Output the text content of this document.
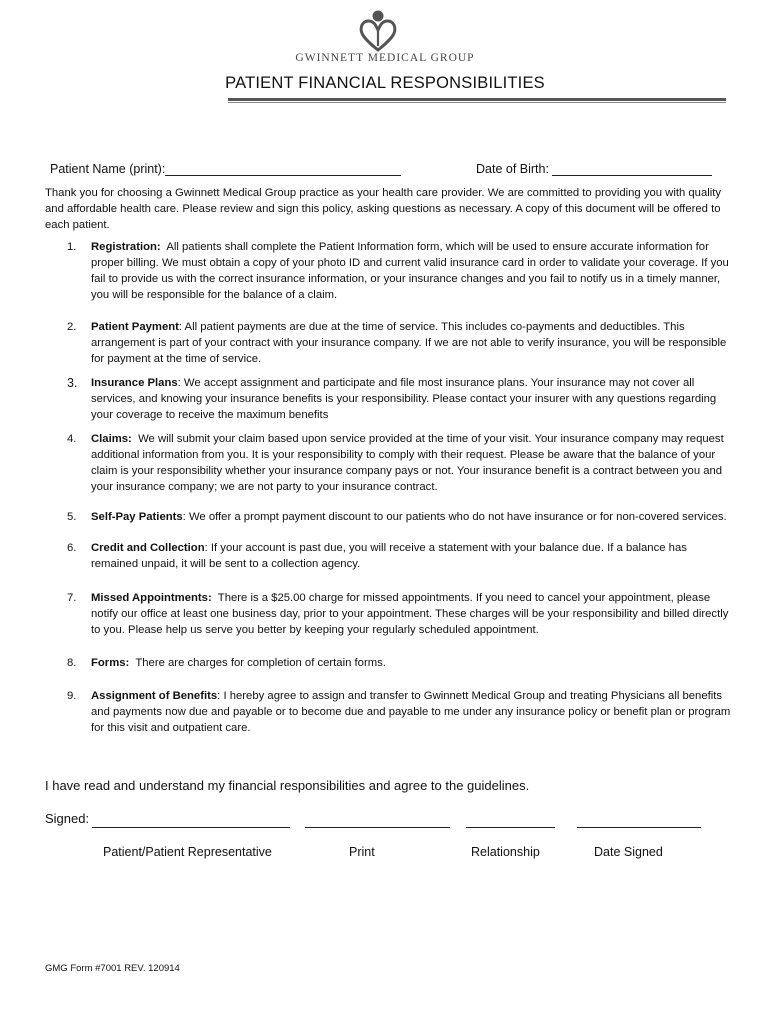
GWINNETT MEDICAL GROUP
PATIENT FINANCIAL RESPONSIBILITIES
Patient Name (print):	Date of Birth:
Thank you for choosing a Gwinnett Medical Group practice as your health care provider. We are committed to providing you with quality and affordable health care. Please review and sign this policy, asking questions as necessary. A copy of this document will be offered to each patient.
1. Registration: All patients shall complete the Patient Information form, which will be used to ensure accurate information for proper billing. We must obtain a copy of your photo ID and current valid insurance card in order to validate your coverage. If you fail to provide us with the correct insurance information, or your insurance changes and you fail to notify us in a timely manner, you will be responsible for the balance of a claim.
2. Patient Payment: All patient payments are due at the time of service. This includes co-payments and deductibles. This arrangement is part of your contract with your insurance company. If we are not able to verify insurance, you will be responsible for payment at the time of service.
3. Insurance Plans: We accept assignment and participate and file most insurance plans. Your insurance may not cover all services, and knowing your insurance benefits is your responsibility. Please contact your insurer with any questions regarding your coverage to receive the maximum benefits
4. Claims: We will submit your claim based upon service provided at the time of your visit. Your insurance company may request additional information from you. It is your responsibility to comply with their request. Please be aware that the balance of your claim is your responsibility whether your insurance company pays or not. Your insurance benefit is a contract between you and your insurance company; we are not party to your insurance contract.
5. Self-Pay Patients: We offer a prompt payment discount to our patients who do not have insurance or for non-covered services.
6. Credit and Collection: If your account is past due, you will receive a statement with your balance due. If a balance has remained unpaid, it will be sent to a collection agency.
7. Missed Appointments: There is a $25.00 charge for missed appointments. If you need to cancel your appointment, please notify our office at least one business day, prior to your appointment. These charges will be your responsibility and billed directly to you. Please help us serve you better by keeping your regularly scheduled appointment.
8. Forms: There are charges for completion of certain forms.
9. Assignment of Benefits: I hereby agree to assign and transfer to Gwinnett Medical Group and treating Physicians all benefits and payments now due and payable or to become due and payable to me under any insurance policy or benefit plan or program for this visit and outpatient care.
I have read and understand my financial responsibilities and agree to the guidelines.
Signed:
Patient/Patient Representative	Print	Relationship	Date Signed
GMG Form #7001 REV. 120914
